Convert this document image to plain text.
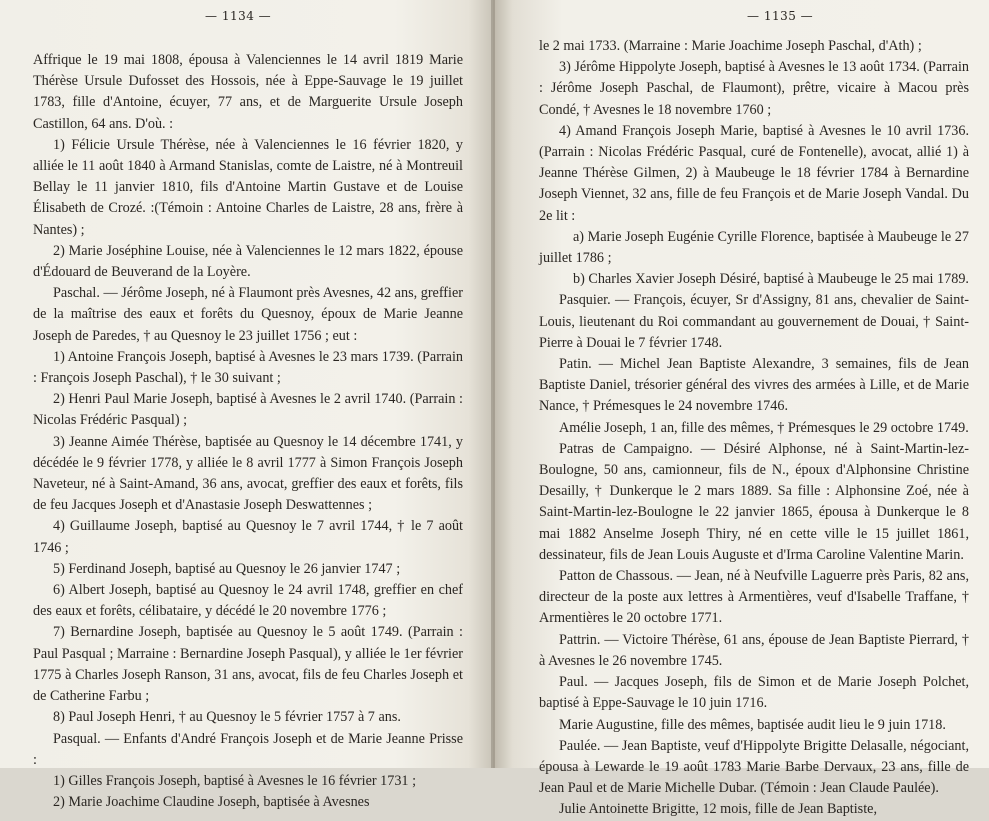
— 1134 —

Affrique le 19 mai 1808, épousa à Valenciennes le 14 avril 1819 Marie Thérèse Ursule Dufosset des Hossois, née à Eppe-Sauvage le 19 juillet 1783, fille d'Antoine, écuyer, 77 ans, et de Marguerite Ursule Joseph Castillon, 64 ans. D'où. :

1) Félicie Ursule Thérèse, née à Valenciennes le 16 février 1820, y alliée le 11 août 1840 à Armand Stanislas, comte de Laistre, né à Montreuil Bellay le 11 janvier 1810, fils d'Antoine Martin Gustave et de Louise Élisabeth de Crozé. :(Témoin : Antoine Charles de Laistre, 28 ans, frère à Nantes) ;

2) Marie Joséphine Louise, née à Valenciennes le 12 mars 1822, épouse d'Édouard de Beuverand de la Loyère.

Paschal. — Jérôme Joseph, né à Flaumont près Avesnes, 42 ans, greffier de la maîtrise des eaux et forêts du Quesnoy, époux de Marie Jeanne Joseph de Paredes, † au Quesnoy le 23 juillet 1756 ; eut :

1) Antoine François Joseph, baptisé à Avesnes le 23 mars 1739. (Parrain : François Joseph Paschal), † le 30 suivant ;

2) Henri Paul Marie Joseph, baptisé à Avesnes le 2 avril 1740. (Parrain : Nicolas Frédéric Pasqual) ;

3) Jeanne Aimée Thérèse, baptisée au Quesnoy le 14 décembre 1741, y décédée le 9 février 1778, y alliée le 8 avril 1777 à Simon François Joseph Naveteur, né à Saint-Amand, 36 ans, avocat, greffier des eaux et forêts, fils de feu Jacques Joseph et d'Anastasie Joseph Deswattennes ;

4) Guillaume Joseph, baptisé au Quesnoy le 7 avril 1744, † le 7 août 1746 ;

5) Ferdinand Joseph, baptisé au Quesnoy le 26 janvier 1747 ;

6) Albert Joseph, baptisé au Quesnoy le 24 avril 1748, greffier en chef des eaux et forêts, célibataire, y décédé le 20 novembre 1776 ;

7) Bernardine Joseph, baptisée au Quesnoy le 5 août 1749. (Parrain : Paul Pasqual ; Marraine : Bernardine Joseph Pasqual), y alliée le 1er février 1775 à Charles Joseph Ranson, 31 ans, avocat, fils de feu Charles Joseph et de Catherine Farbu ;

8) Paul Joseph Henri, † au Quesnoy le 5 février 1757 à 7 ans.

Pasqual. — Enfants d'André François Joseph et de Marie Jeanne Prisse :

1) Gilles François Joseph, baptisé à Avesnes le 16 février 1731 ;

2) Marie Joachime Claudine Joseph, baptisée à Avesnes

— 1135 —

le 2 mai 1733. (Marraine : Marie Joachime Joseph Paschal, d'Ath) ;

3) Jérôme Hippolyte Joseph, baptisé à Avesnes le 13 août 1734. (Parrain : Jérôme Joseph Paschal, de Flaumont), prêtre, vicaire à Macou près Condé, † Avesnes le 18 novembre 1760 ;

4) Amand François Joseph Marie, baptisé à Avesnes le 10 avril 1736. (Parrain : Nicolas Frédéric Pasqual, curé de Fontenelle), avocat, allié 1) à Jeanne Thérèse Gilmen, 2) à Maubeuge le 18 février 1784 à Bernardine Joseph Viennet, 32 ans, fille de feu François et de Marie Joseph Vandal. Du 2e lit :

a) Marie Joseph Eugénie Cyrille Florence, baptisée à Maubeuge le 27 juillet 1786 ;

b) Charles Xavier Joseph Désiré, baptisé à Maubeuge le 25 mai 1789.

Pasquier. — François, écuyer, Sr d'Assigny, 81 ans, chevalier de Saint-Louis, lieutenant du Roi commandant au gouvernement de Douai, † Saint-Pierre à Douai le 7 février 1748.

Patin. — Michel Jean Baptiste Alexandre, 3 semaines, fils de Jean Baptiste Daniel, trésorier général des vivres des armées à Lille, et de Marie Nance, † Prémesques le 24 novembre 1746.

Amélie Joseph, 1 an, fille des mêmes, † Prémesques le 29 octobre 1749.

Patras de Campaigno. — Désiré Alphonse, né à Saint-Martin-lez-Boulogne, 50 ans, camionneur, fils de N., époux d'Alphonsine Christine Desailly, † Dunkerque le 2 mars 1889. Sa fille : Alphonsine Zoé, née à Saint-Martin-lez-Boulogne le 22 janvier 1865, épousa à Dunkerque le 8 mai 1882 Anselme Joseph Thiry, né en cette ville le 15 juillet 1861, dessinateur, fils de Jean Louis Auguste et d'Irma Caroline Valentine Marin.

Patton de Chassous. — Jean, né à Neufville Laguerre près Paris, 82 ans, directeur de la poste aux lettres à Armentières, veuf d'Isabelle Traffane, † Armentières le 20 octobre 1771.

Pattrin. — Victoire Thérèse, 61 ans, épouse de Jean Baptiste Pierrard, † à Avesnes le 26 novembre 1745.

Paul. — Jacques Joseph, fils de Simon et de Marie Joseph Polchet, baptisé à Eppe-Sauvage le 10 juin 1716.

Marie Augustine, fille des mêmes, baptisée audit lieu le 9 juin 1718.

Paulée. — Jean Baptiste, veuf d'Hippolyte Brigitte Delasalle, négociant, épousa à Lewarde le 19 août 1783 Marie Barbe Dervaux, 23 ans, fille de Jean Paul et de Marie Michelle Dubar. (Témoin : Jean Claude Paulée).

Julie Antoinette Brigitte, 12 mois, fille de Jean Baptiste,
